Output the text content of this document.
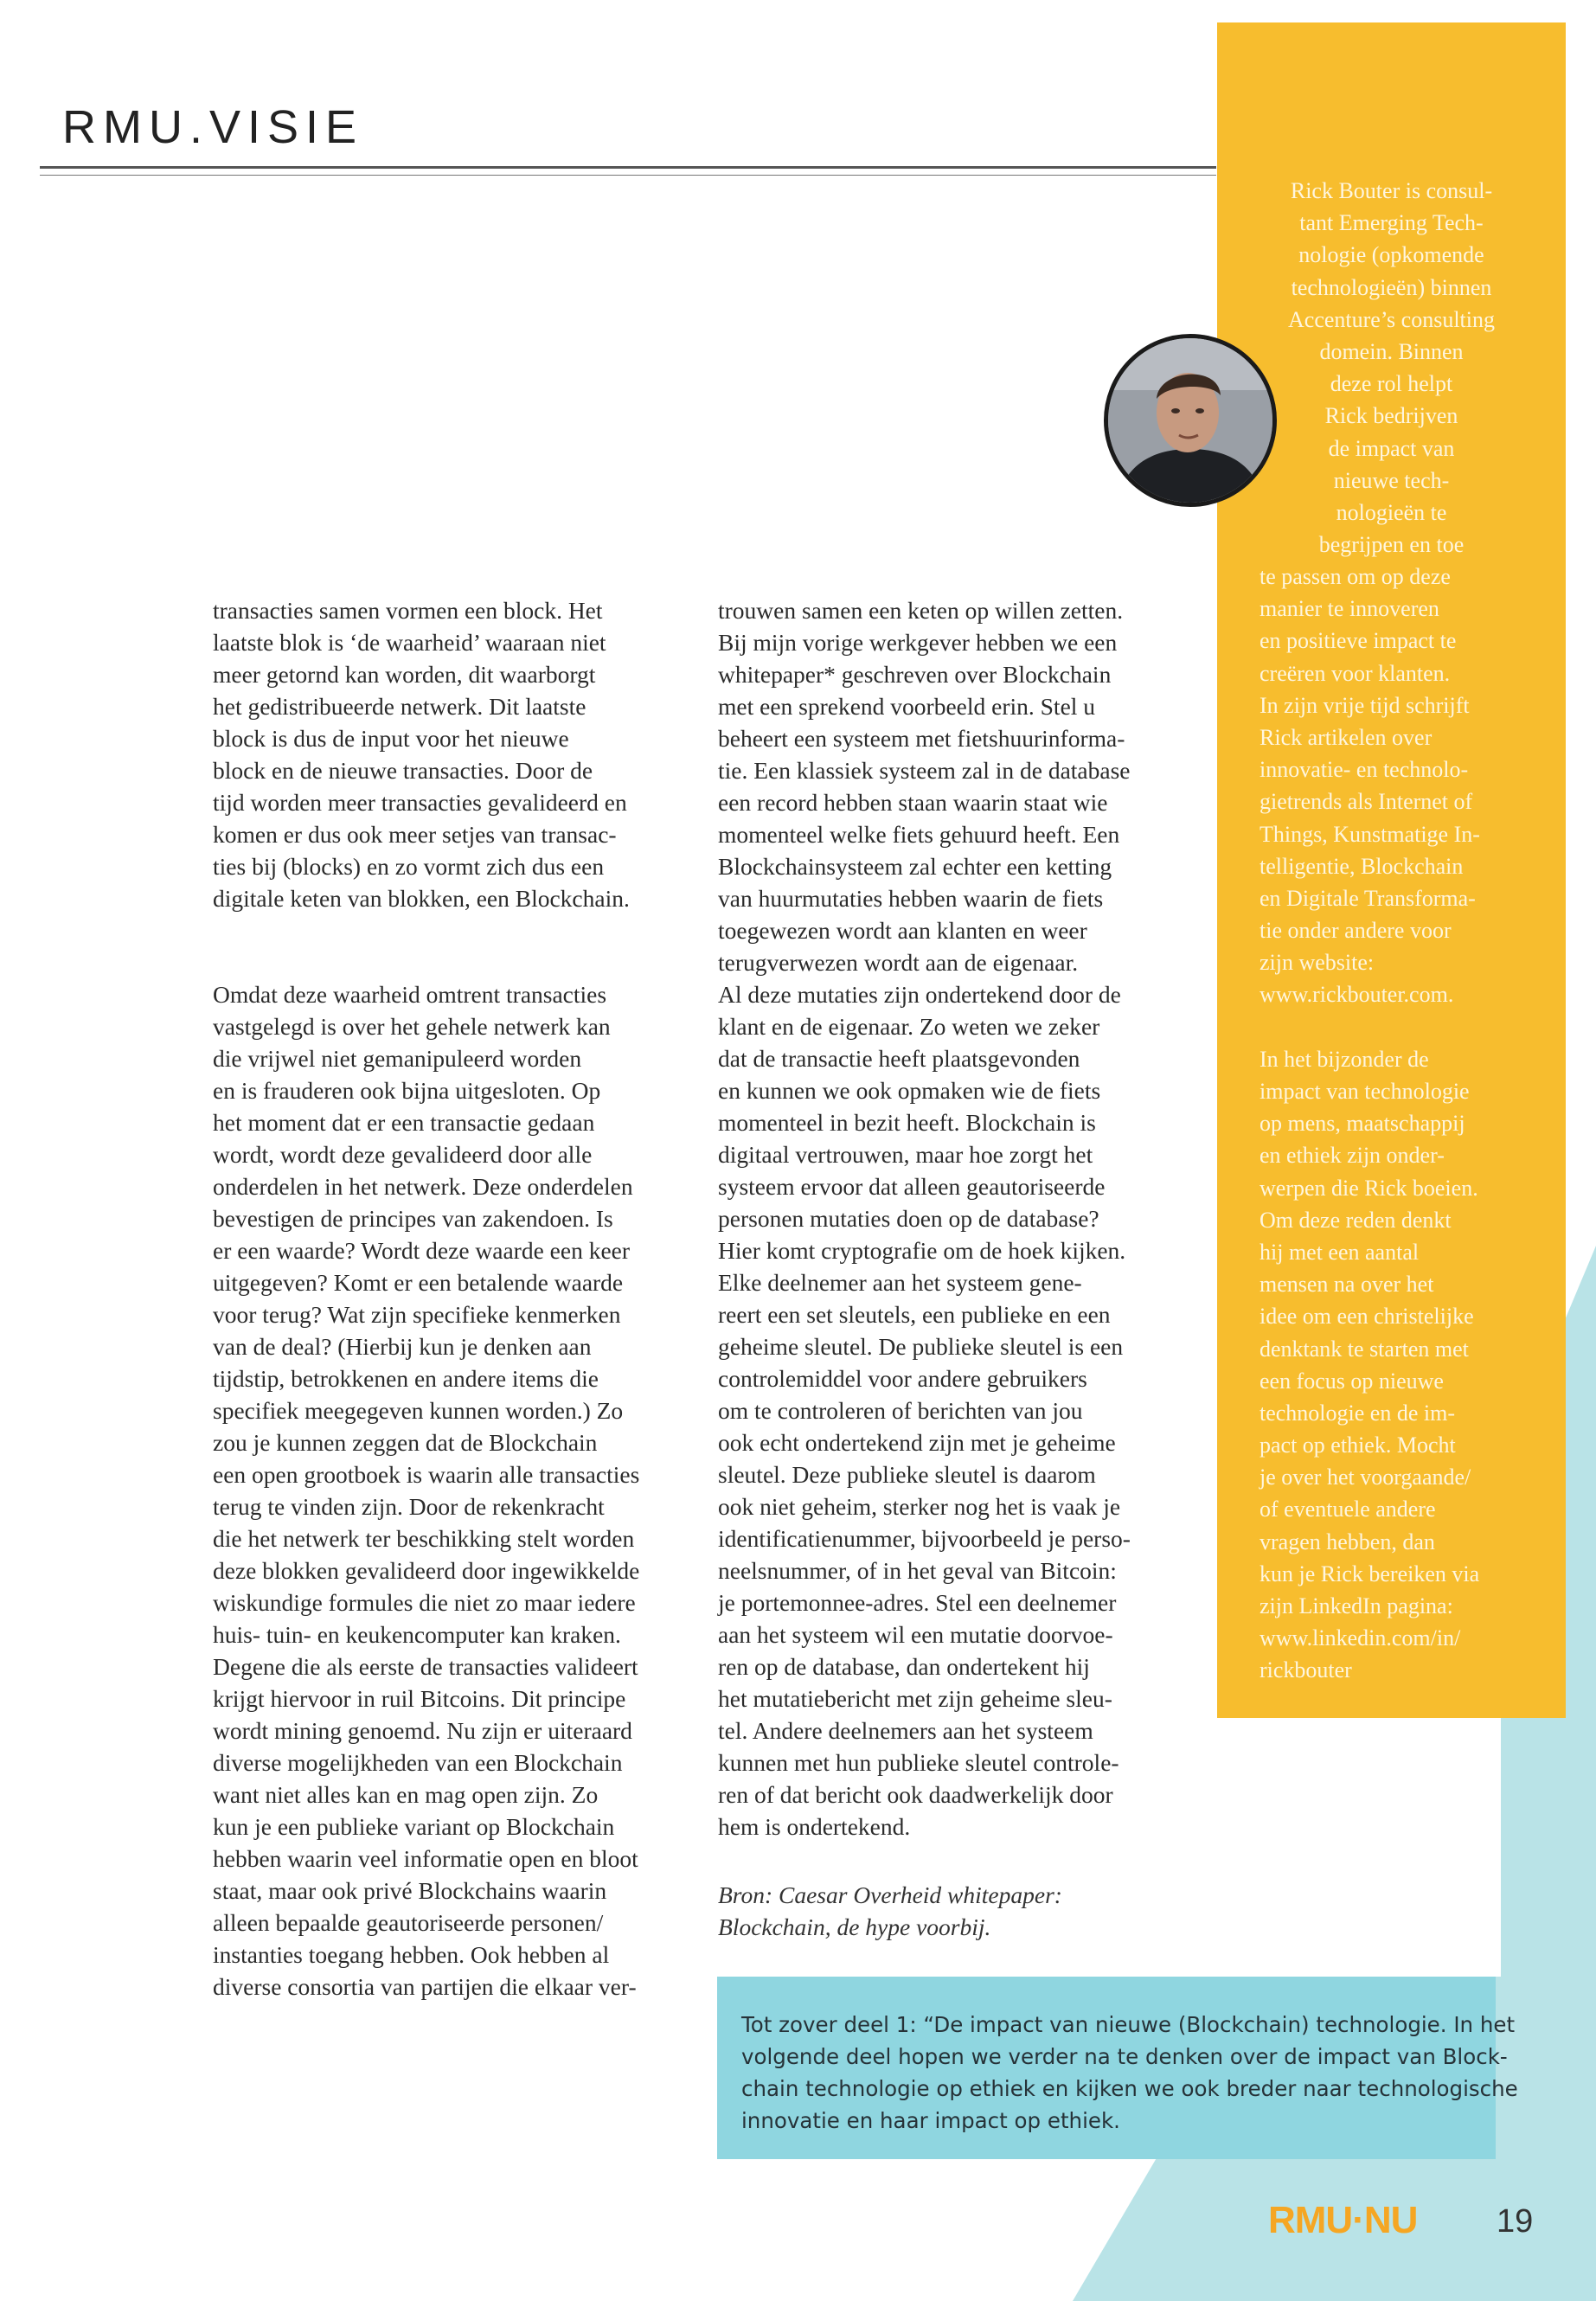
RMU.VISIE

transacties samen vormen een block. Het
laatste blok is ‘de waarheid’ waaraan niet
meer getornd kan worden, dit waarborgt
het gedistribueerde netwerk. Dit laatste
block is dus de input voor het nieuwe
block en de nieuwe transacties. Door de
tijd worden meer transacties gevalideerd en
komen er dus ook meer setjes van transac-
ties bij (blocks) en zo vormt zich dus een
digitale keten van blokken, een Blockchain.

Omdat deze waarheid omtrent transacties
vastgelegd is over het gehele netwerk kan
die vrijwel niet gemanipuleerd worden
en is frauderen ook bijna uitgesloten. Op
het moment dat er een transactie gedaan
wordt, wordt deze gevalideerd door alle
onderdelen in het netwerk. Deze onderdelen
bevestigen de principes van zakendoen. Is
er een waarde? Wordt deze waarde een keer
uitgegeven? Komt er een betalende waarde
voor terug? Wat zijn specifieke kenmerken
van de deal? (Hierbij kun je denken aan
tijdstip, betrokkenen en andere items die
specifiek meegegeven kunnen worden.) Zo
zou je kunnen zeggen dat de Blockchain
een open grootboek is waarin alle transacties
terug te vinden zijn. Door de rekenkracht
die het netwerk ter beschikking stelt worden
deze blokken gevalideerd door ingewikkelde
wiskundige formules die niet zo maar iedere
huis- tuin- en keukencomputer kan kraken.
Degene die als eerste de transacties valideert
krijgt hiervoor in ruil Bitcoins. Dit principe
wordt mining genoemd. Nu zijn er uiteraard
diverse mogelijkheden van een Blockchain
want niet alles kan en mag open zijn. Zo
kun je een publieke variant op Blockchain
hebben waarin veel informatie open en bloot
staat, maar ook privé Blockchains waarin
alleen bepaalde geautoriseerde personen/
instanties toegang hebben. Ook hebben al
diverse consortia van partijen die elkaar ver-

trouwen samen een keten op willen zetten.
Bij mijn vorige werkgever hebben we een
whitepaper* geschreven over Blockchain
met een sprekend voorbeeld erin. Stel u
beheert een systeem met fietshuurinforma-
tie. Een klassiek systeem zal in de database
een record hebben staan waarin staat wie
momenteel welke fiets gehuurd heeft. Een
Blockchainsysteem zal echter een ketting
van huurmutaties hebben waarin de fiets
toegewezen wordt aan klanten en weer
terugverwezen wordt aan de eigenaar.
Al deze mutaties zijn ondertekend door de
klant en de eigenaar. Zo weten we zeker
dat de transactie heeft plaatsgevonden
en kunnen we ook opmaken wie de fiets
momenteel in bezit heeft. Blockchain is
digitaal vertrouwen, maar hoe zorgt het
systeem ervoor dat alleen geautoriseerde
personen mutaties doen op de database?
Hier komt cryptografie om de hoek kijken.
Elke deelnemer aan het systeem gene-
reert een set sleutels, een publieke en een
geheime sleutel. De publieke sleutel is een
controlemiddel voor andere gebruikers
om te controleren of berichten van jou
ook echt ondertekend zijn met je geheime
sleutel. Deze publieke sleutel is daarom
ook niet geheim, sterker nog het is vaak je
identificatienummer, bijvoorbeeld je perso-
neelsnummer, of in het geval van Bitcoin:
je portemonnee-adres. Stel een deelnemer
aan het systeem wil een mutatie doorvoe-
ren op de database, dan ondertekent hij
het mutatiebericht met zijn geheime sleu-
tel. Andere deelnemers aan het systeem
kunnen met hun publieke sleutel controle-
ren of dat bericht ook daadwerkelijk door
hem is ondertekend.

Bron: Caesar Overheid whitepaper:
Blockchain, de hype voorbij.
Rick Bouter is consul-
tant Emerging Tech-
nologie (opkomende
technologieën) binnen
Accenture’s consulting
domein. Binnen
deze rol helpt
Rick bedrijven
de impact van
nieuwe tech-
nologieën te
begrijpen en toe

te passen om op deze
manier te innoveren
en positieve impact te
creëren voor klanten.
In zijn vrije tijd schrijft
Rick artikelen over
innovatie- en technolo-
gietrends als Internet of
Things, Kunstmatige In-
telligentie, Blockchain
en Digitale Transforma-
tie onder andere voor
zijn website:
www.rickbouter.com.

In het bijzonder de
impact van technologie
op mens, maatschappij
en ethiek zijn onder-
werpen die Rick boeien.
Om deze reden denkt
hij met een aantal
mensen na over het
idee om een christelijke
denktank te starten met
een focus op nieuwe
technologie en de im-
pact op ethiek. Mocht
je over het voorgaande/
of eventuele andere
vragen hebben, dan
kun je Rick bereiken via
zijn LinkedIn pagina:
www.linkedin.com/in/
rickbouter

Tot zover deel 1: “De impact van nieuwe (Blockchain) technologie. In het
volgende deel hopen we verder na te denken over de impact van Block-
chain technologie op ethiek en kijken we ook breder naar technologische
innovatie en haar impact op ethiek.
RMU·NU 19
